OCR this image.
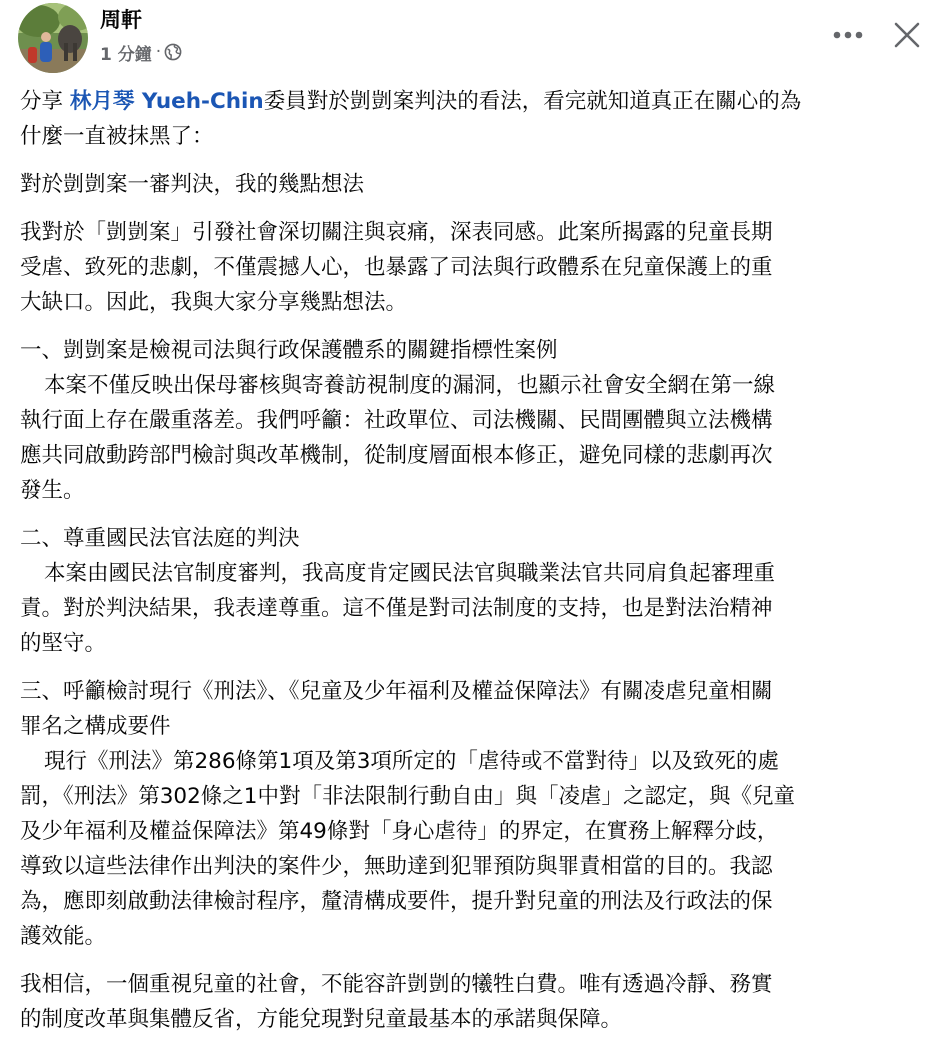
周軒
1 分鐘 ·

分享 林月琴 Yueh-Chin委員對於剴剴案判決的看法，看完就知道真正在關心的為
什麼一直被抹黑了：

對於剴剴案一審判決，我的幾點想法

我對於「剴剴案」引發社會深切關注與哀痛，深表同感。此案所揭露的兒童長期
受虐、致死的悲劇，不僅震撼人心，也暴露了司法與行政體系在兒童保護上的重
大缺口。因此，我與大家分享幾點想法。

一、剴剴案是檢視司法與行政保護體系的關鍵指標性案例
本案不僅反映出保母審核與寄養訪視制度的漏洞，也顯示社會安全網在第一線
執行面上存在嚴重落差。我們呼籲：社政單位、司法機關、民間團體與立法機構
應共同啟動跨部門檢討與改革機制，從制度層面根本修正，避免同樣的悲劇再次
發生。

二、尊重國民法官法庭的判決
本案由國民法官制度審判，我高度肯定國民法官與職業法官共同肩負起審理重
責。對於判決結果，我表達尊重。這不僅是對司法制度的支持，也是對法治精神
的堅守。

三、呼籲檢討現行《刑法》、《兒童及少年福利及權益保障法》有關凌虐兒童相關
罪名之構成要件
現行《刑法》第286條第1項及第3項所定的「虐待或不當對待」以及致死的處
罰，《刑法》第302條之1中對「非法限制行動自由」與「凌虐」之認定，與《兒童
及少年福利及權益保障法》第49條對「身心虐待」的界定，在實務上解釋分歧，
導致以這些法律作出判決的案件少，無助達到犯罪預防與罪責相當的目的。我認
為，應即刻啟動法律檢討程序，釐清構成要件，提升對兒童的刑法及行政法的保
護效能。

我相信，一個重視兒童的社會，不能容許剴剴的犧牲白費。唯有透過冷靜、務實
的制度改革與集體反省，方能兌現對兒童最基本的承諾與保障。
